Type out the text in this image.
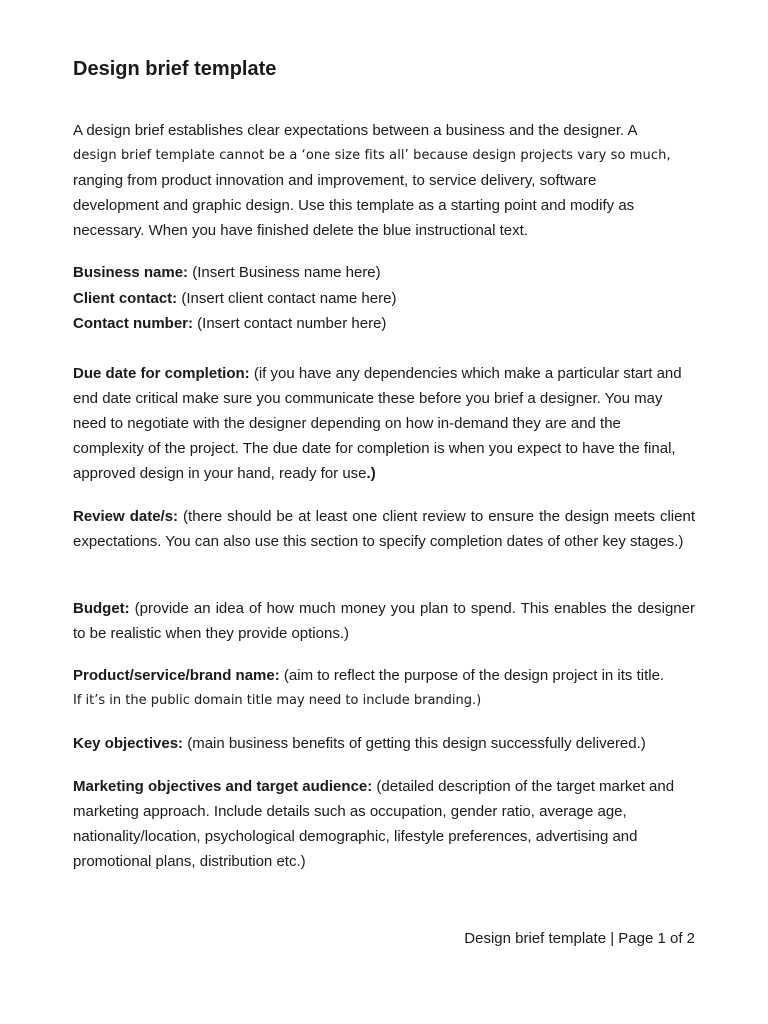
Design brief template

A design brief establishes clear expectations between a business and the designer. A
design brief template cannot be a ‘one size fits all’ because design projects vary so much,
ranging from product innovation and improvement, to service delivery, software
development and graphic design. Use this template as a starting point and modify as
necessary. When you have finished delete the blue instructional text.

Business name: (Insert Business name here)
Client contact: (Insert client contact name here)
Contact number: (Insert contact number here)

Due date for completion: (if you have any dependencies which make a particular start and end date critical make sure you communicate these before you brief a designer. You may need to negotiate with the designer depending on how in-demand they are and the complexity of the project. The due date for completion is when you expect to have the final, approved design in your hand, ready for use.)

Review date/s: (there should be at least one client review to ensure the design meets client expectations. You can also use this section to specify completion dates of other key stages.)

Budget: (provide an idea of how much money you plan to spend. This enables the designer to be realistic when they provide options.)

Product/service/brand name: (aim to reflect the purpose of the design project in its title.
If it’s in the public domain title may need to include branding.)

Key objectives: (main business benefits of getting this design successfully delivered.)

Marketing objectives and target audience: (detailed description of the target market and marketing approach. Include details such as occupation, gender ratio, average age, nationality/location, psychological demographic, lifestyle preferences, advertising and promotional plans, distribution etc.)

Design brief template | Page 1 of 2
